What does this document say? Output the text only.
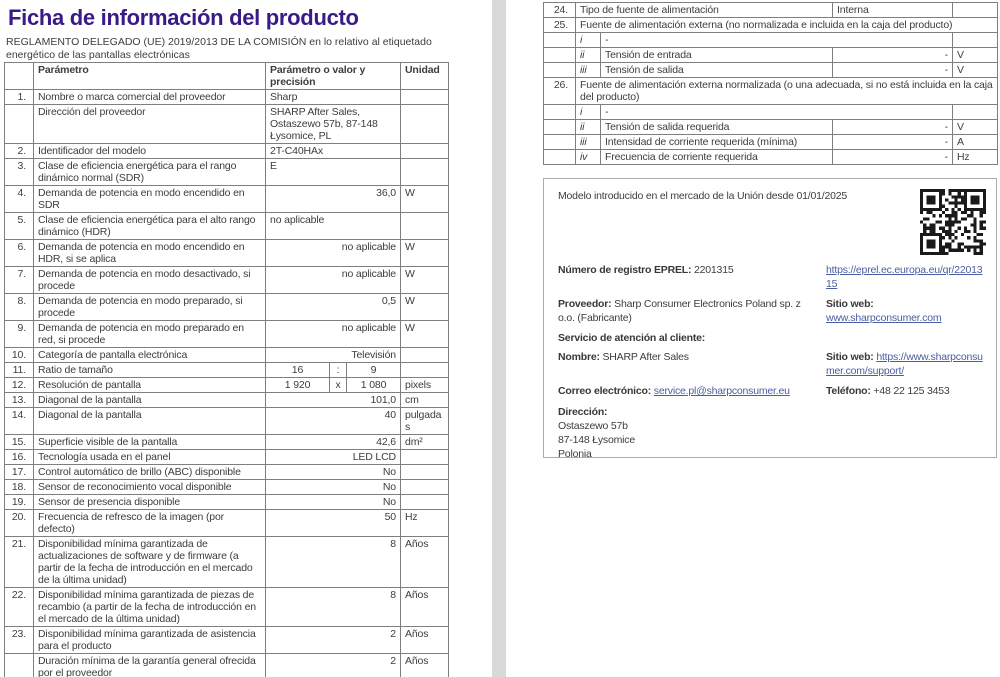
Ficha de información del producto

REGLAMENTO DELEGADO (UE) 2019/2013 DE LA COMISIÓN en lo relativo al etiquetado energético de las pantallas electrónicas

	Parámetro	Parámetro o valor y precisión			Unidad
1.	Nombre o marca comercial del proveedor	Sharp			
	Dirección del proveedor	SHARP After Sales, Ostaszewo 57b, 87-148 Łysomice, PL			
2.	Identificador del modelo	2T-C40HAx			
3.	Clase de eficiencia energética para el rango dinámico normal (SDR)	E			
4.	Demanda de potencia en modo encendido en SDR	36,0			W
5.	Clase de eficiencia energética para el alto rango dinámico (HDR)	no aplicable			
6.	Demanda de potencia en modo encendido en HDR, si se aplica	no aplicable			W
7.	Demanda de potencia en modo desactivado, si procede	no aplicable			W
8.	Demanda de potencia en modo preparado, si procede	0,5			W
9.	Demanda de potencia en modo preparado en red, si procede	no aplicable			W
10.	Categoría de pantalla electrónica	Televisión			
11.	Ratio de tamaño	16	:	9	
12.	Resolución de pantalla	1 920	x	1 080	pixels
13.	Diagonal de la pantalla	101,0			cm
14.	Diagonal de la pantalla	40			pulgadas
15.	Superficie visible de la pantalla	42,6			dm²
16.	Tecnología usada en el panel	LED LCD			
17.	Control automático de brillo (ABC) disponible	No			
18.	Sensor de reconocimiento vocal disponible	No			
19.	Sensor de presencia disponible	No			
20.	Frecuencia de refresco de la imagen (por defecto)	50			Hz
21.	Disponibilidad mínima garantizada de actualizaciones de software y de firmware (a partir de la fecha de introducción en el mercado de la última unidad)	8			Años
22.	Disponibilidad mínima garantizada de piezas de recambio (a partir de la fecha de introducción en el mercado de la última unidad)	8			Años
23.	Disponibilidad mínima garantizada de asistencia para el producto	2			Años
	Duración mínima de la garantía general ofrecida por el proveedor	2			Años
24.	Tipo de fuente de alimentación		Interna	
25.	Fuente de alimentación externa (no normalizada e incluida en la caja del producto)			
	i	-		
	ii	Tensión de entrada	-	V
	iii	Tensión de salida	-	V
26.	Fuente de alimentación externa normalizada (o una adecuada, si no está incluida en la caja del producto)			
	i	-		
	ii	Tensión de salida requerida	-	V
	iii	Intensidad de corriente requerida (mínima)	-	A
	iv	Frecuencia de corriente requerida	-	Hz
Modelo introducido en el mercado de la Unión desde 01/01/2025
Número de registro EPREL: 2201315	https://eprel.ec.europa.eu/qr/2201315
Proveedor: Sharp Consumer Electronics Poland sp. z o.o. (Fabricante)
Sitio web: www.sharpconsumer.com
Servicio de atención al cliente:
Nombre: SHARP After Sales	Sitio web: https://www.sharpconsumer.com/support/
Correo electrónico: service.pl@sharpconsumer.eu	Teléfono: +48 22 125 3453
Dirección:
Ostaszewo 57b
87-148 Łysomice
Polonia
